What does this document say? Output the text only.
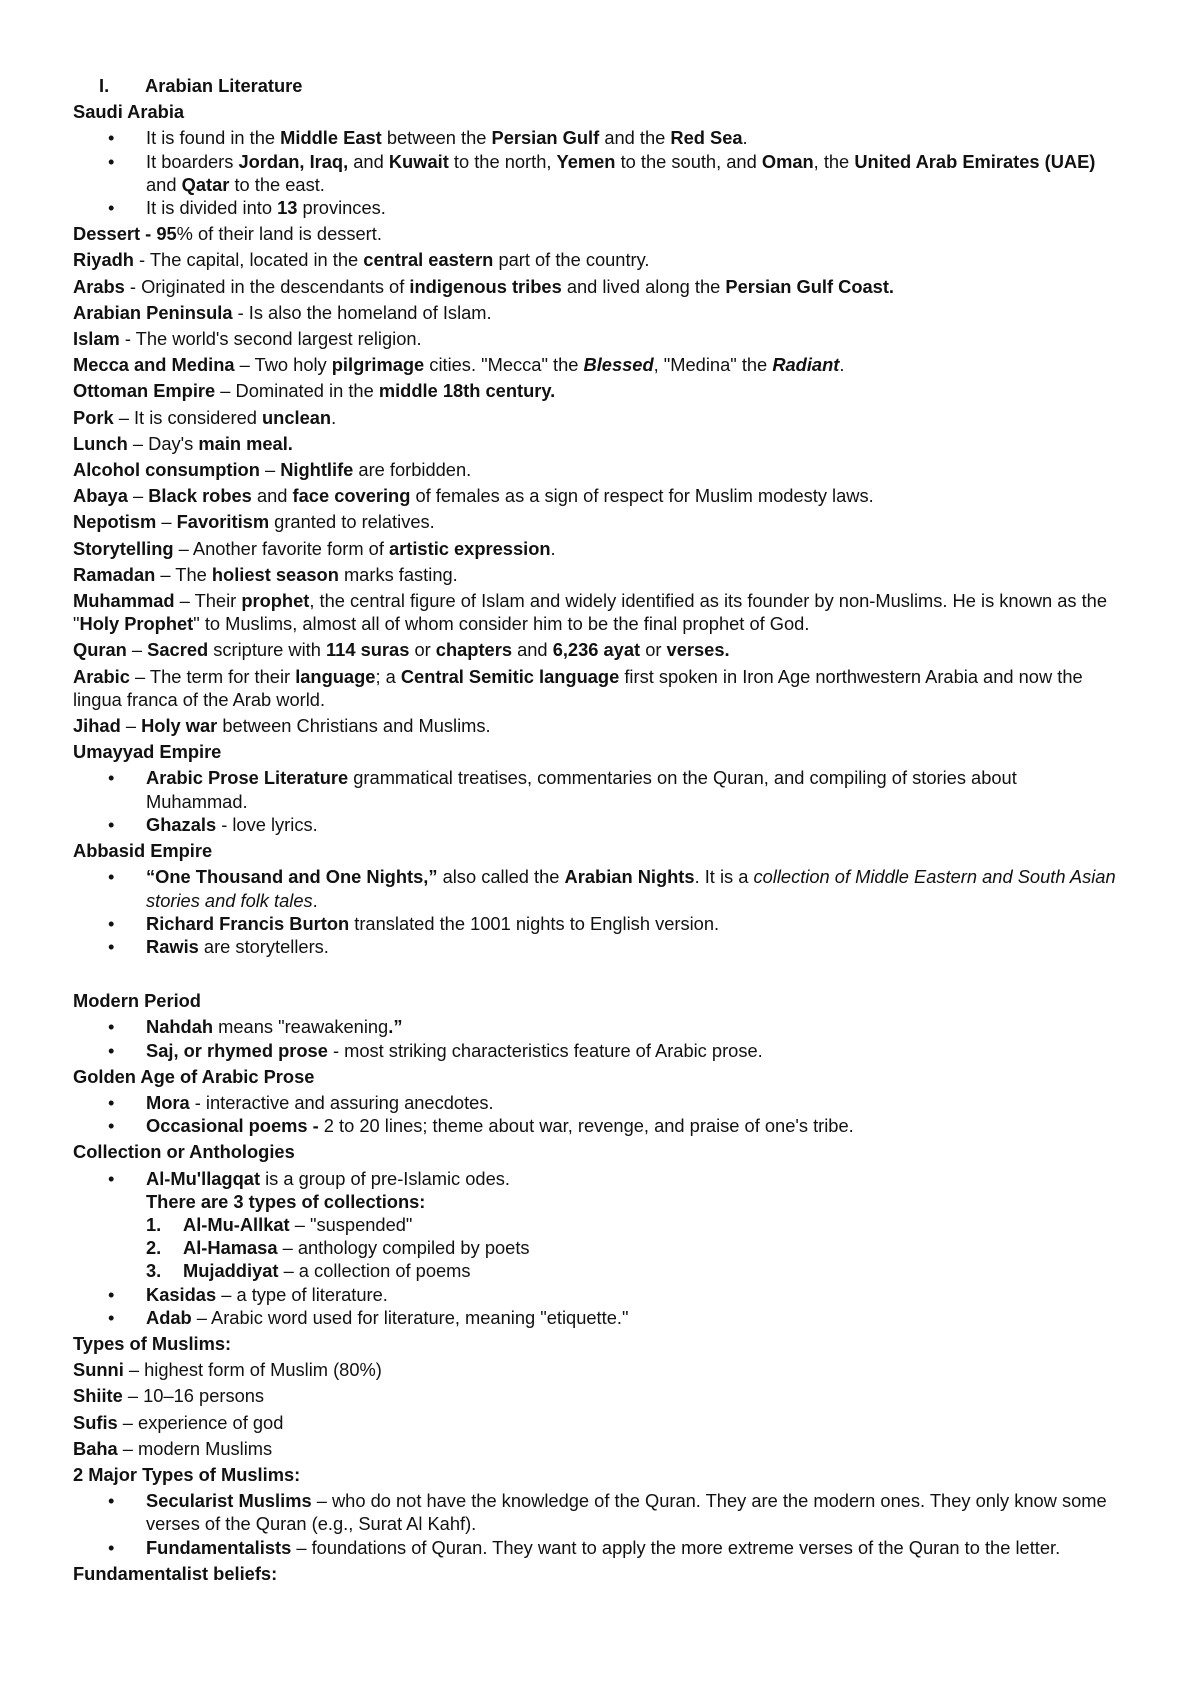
I. Arabian Literature
Saudi Arabia
• It is found in the Middle East between the Persian Gulf and the Red Sea.
• It boarders Jordan, Iraq, and Kuwait to the north, Yemen to the south, and Oman, the United Arab Emirates (UAE) and Qatar to the east.
• It is divided into 13 provinces.
Dessert - 95% of their land is dessert.
Riyadh - The capital, located in the central eastern part of the country.
Arabs - Originated in the descendants of indigenous tribes and lived along the Persian Gulf Coast.
Arabian Peninsula - Is also the homeland of Islam.
Islam - The world's second largest religion.
Mecca and Medina – Two holy pilgrimage cities. "Mecca" the Blessed, "Medina" the Radiant.
Ottoman Empire – Dominated in the middle 18th century.
Pork – It is considered unclean.
Lunch – Day's main meal.
Alcohol consumption – Nightlife are forbidden.
Abaya – Black robes and face covering of females as a sign of respect for Muslim modesty laws.
Nepotism – Favoritism granted to relatives.
Storytelling – Another favorite form of artistic expression.
Ramadan – The holiest season marks fasting.
Muhammad – Their prophet, the central figure of Islam and widely identified as its founder by non-Muslims. He is known as the "Holy Prophet" to Muslims, almost all of whom consider him to be the final prophet of God.
Quran – Sacred scripture with 114 suras or chapters and 6,236 ayat or verses.
Arabic – The term for their language; a Central Semitic language first spoken in Iron Age northwestern Arabia and now the lingua franca of the Arab world.
Jihad – Holy war between Christians and Muslims.
Umayyad Empire
• Arabic Prose Literature grammatical treatises, commentaries on the Quran, and compiling of stories about Muhammad.
• Ghazals - love lyrics.
Abbasid Empire
• “One Thousand and One Nights,” also called the Arabian Nights. It is a collection of Middle Eastern and South Asian stories and folk tales.
• Richard Francis Burton translated the 1001 nights to English version.
• Rawis are storytellers.
Modern Period
• Nahdah means "reawakening.”
• Saj, or rhymed prose - most striking characteristics feature of Arabic prose.
Golden Age of Arabic Prose
• Mora - interactive and assuring anecdotes.
• Occasional poems - 2 to 20 lines; theme about war, revenge, and praise of one's tribe.
Collection or Anthologies
• Al-Mu'llagqat is a group of pre-Islamic odes.
There are 3 types of collections:
1. Al-Mu-Allkat – "suspended"
2. Al-Hamasa – anthology compiled by poets
3. Mujaddiyat – a collection of poems
• Kasidas – a type of literature.
• Adab – Arabic word used for literature, meaning "etiquette."
Types of Muslims:
Sunni – highest form of Muslim (80%)
Shiite – 10–16 persons
Sufis – experience of god
Baha – modern Muslims
2 Major Types of Muslims:
• Secularist Muslims – who do not have the knowledge of the Quran. They are the modern ones. They only know some verses of the Quran (e.g., Surat Al Kahf).
• Fundamentalists – foundations of Quran. They want to apply the more extreme verses of the Quran to the letter.
Fundamentalist beliefs:
